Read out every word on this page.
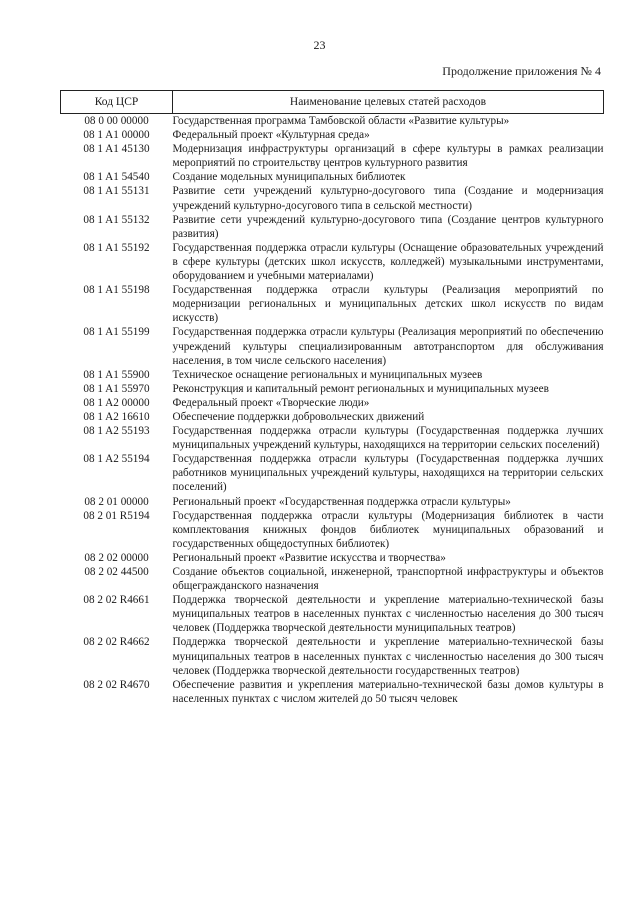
23
Продолжение приложения № 4
Код ЦСР	Наименование целевых статей расходов
08 0 00 00000	Государственная программа Тамбовской области «Развитие культуры»
08 1 A1 00000	Федеральный проект «Культурная среда»
08 1 A1 45130	Модернизация инфраструктуры организаций в сфере культуры в рамках реализации мероприятий по строительству центров культурного развития
08 1 A1 54540	Создание модельных муниципальных библиотек
08 1 A1 55131	Развитие сети учреждений культурно-досугового типа (Создание и модернизация учреждений культурно-досугового типа в сельской местности)
08 1 A1 55132	Развитие сети учреждений культурно-досугового типа (Создание центров культурного развития)
08 1 A1 55192	Государственная поддержка отрасли культуры (Оснащение образовательных учреждений в сфере культуры (детских школ искусств, колледжей) музыкальными инструментами, оборудованием и учебными материалами)
08 1 A1 55198	Государственная поддержка отрасли культуры (Реализация мероприятий по модернизации региональных и муниципальных детских школ искусств по видам искусств)
08 1 A1 55199	Государственная поддержка отрасли культуры (Реализация мероприятий по обеспечению учреждений культуры специализированным автотранспортом для обслуживания населения, в том числе сельского населения)
08 1 A1 55900	Техническое оснащение региональных и муниципальных музеев
08 1 A1 55970	Реконструкция и капитальный ремонт региональных и муниципальных музеев
08 1 A2 00000	Федеральный проект «Творческие люди»
08 1 A2 16610	Обеспечение поддержки добровольческих движений
08 1 A2 55193	Государственная поддержка отрасли культуры (Государственная поддержка лучших муниципальных учреждений культуры, находящихся на территории сельских поселений)
08 1 A2 55194	Государственная поддержка отрасли культуры (Государственная поддержка лучших работников муниципальных учреждений культуры, находящихся на территории сельских поселений)
08 2 01 00000	Региональный проект «Государственная поддержка отрасли культуры»
08 2 01 R5194	Государственная поддержка отрасли культуры (Модернизация библиотек в части комплектования книжных фондов библиотек муниципальных образований и государственных общедоступных библиотек)
08 2 02 00000	Региональный проект «Развитие искусства и творчества»
08 2 02 44500	Создание объектов социальной, инженерной, транспортной инфраструктуры и объектов общегражданского назначения
08 2 02 R4661	Поддержка творческой деятельности и укрепление материально-технической базы муниципальных театров в населенных пунктах с численностью населения до 300 тысяч человек (Поддержка творческой деятельности муниципальных театров)
08 2 02 R4662	Поддержка творческой деятельности и укрепление материально-технической базы муниципальных театров в населенных пунктах с численностью населения до 300 тысяч человек (Поддержка творческой деятельности государственных театров)
08 2 02 R4670	Обеспечение развития и укрепления материально-технической базы домов культуры в населенных пунктах с числом жителей до 50 тысяч человек
